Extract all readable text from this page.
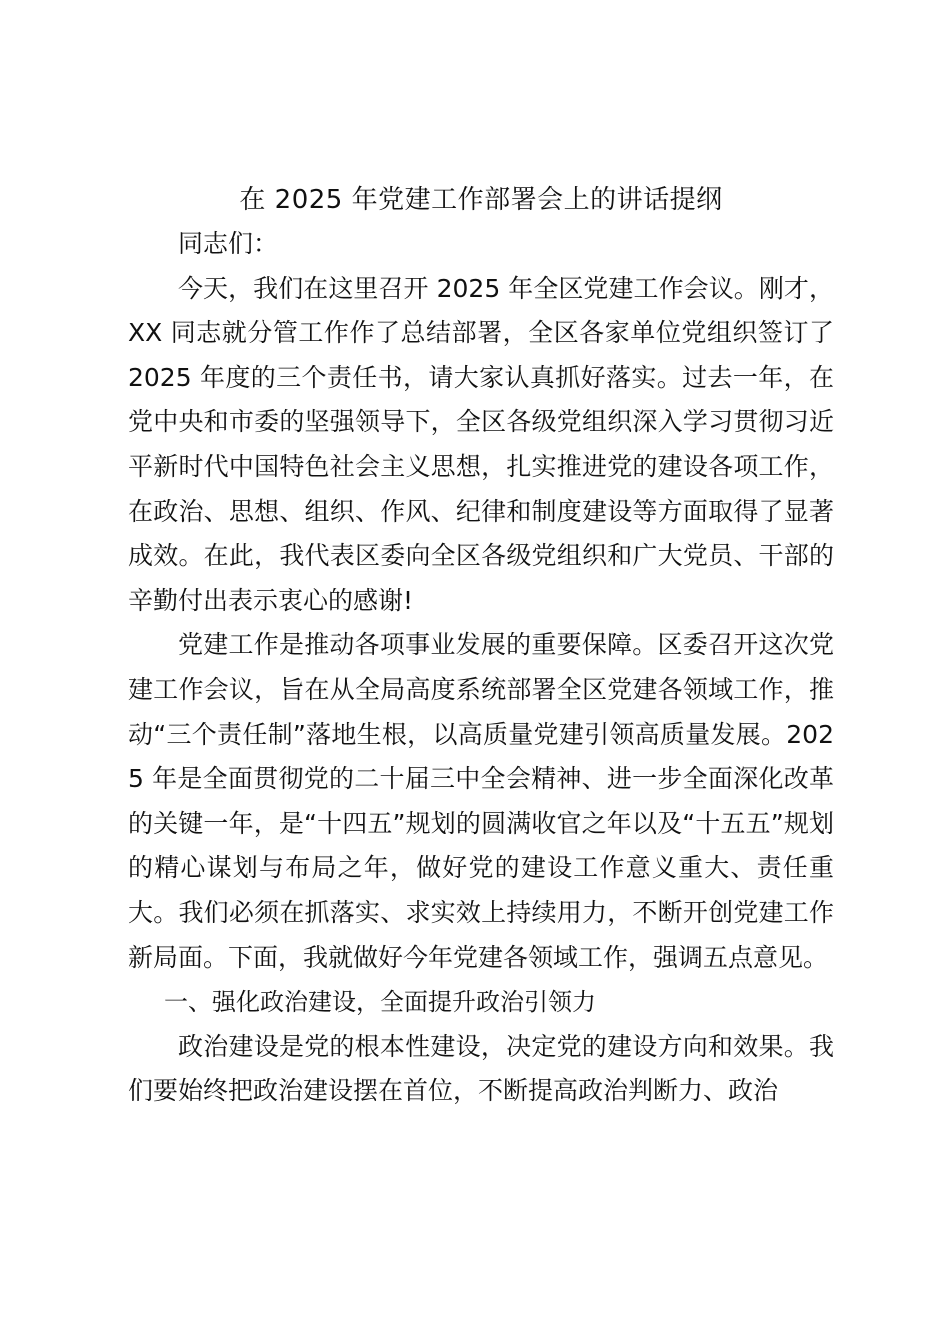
在 2025 年党建工作部署会上的讲话提纲

同志们：

今天，我们在这里召开 2025 年全区党建工作会议。刚才，XX 同志就分管工作作了总结部署，全区各家单位党组织签订了 2025 年度的三个责任书，请大家认真抓好落实。过去一年，在党中央和市委的坚强领导下，全区各级党组织深入学习贯彻习近平新时代中国特色社会主义思想，扎实推进党的建设各项工作，在政治、思想、组织、作风、纪律和制度建设等方面取得了显著成效。在此，我代表区委向全区各级党组织和广大党员、干部的辛勤付出表示衷心的感谢!

党建工作是推动各项事业发展的重要保障。区委召开这次党建工作会议，旨在从全局高度系统部署全区党建各领域工作，推动“三个责任制”落地生根，以高质量党建引领高质量发展。2025 年是全面贯彻党的二十届三中全会精神、进一步全面深化改革的关键一年，是“十四五”规划的圆满收官之年以及“十五五”规划的精心谋划与布局之年，做好党的建设工作意义重大、责任重大。我们必须在抓落实、求实效上持续用力，不断开创党建工作新局面。下面，我就做好今年党建各领域工作，强调五点意见。

一、强化政治建设，全面提升政治引领力

政治建设是党的根本性建设，决定党的建设方向和效果。我们要始终把政治建设摆在首位，不断提高政治判断力、政治
